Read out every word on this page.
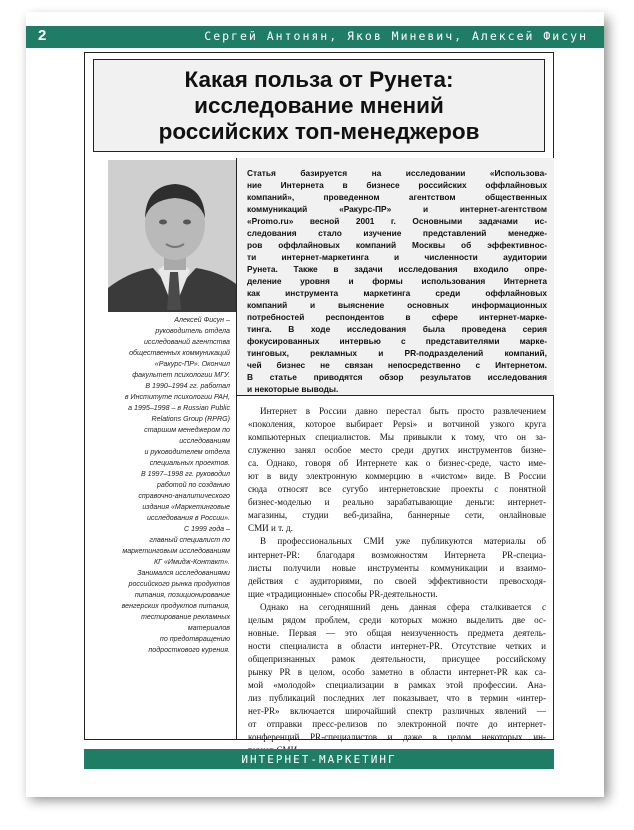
2	Сергей Антонян, Яков Миневич, Алексей Фисун
Какая польза от Рунета:
исследование мнений
российских топ-менеджеров
Алексей Фисун –
руководитель отдела
исследований агентства
общественных коммуникаций
«Ракурс-ПР». Окончил
факультет психологии МГУ.
В 1990–1994 гг. работал
в Институте психологии РАН,
а 1995–1998 – в Russian Public
Relations Group (RPRG)
старшим менеджером по
исследованиям
и руководителем отдела
специальных проектов.
В 1997–1998 гг. руководил
работой по созданию
справочно-аналитического
издания «Маркетинговые
исследования в России».
С 1999 года –
главный специалист по
маркетинговым исследованиям
КГ «Имидж-Контакт».
Занимался исследованиями
российского рынка продуктов
питания, позиционирование
венгерских продуктов питания,
тестирование рекламных
материалов
по предотвращению
подросткового курения.
Статья базируется на исследовании «Использова-
ние Интернета в бизнесе российских оффлайновых
компаний», проведенном агентством общественных
коммуникаций «Ракурс-ПР» и интернет-агентством
«Promo.ru» весной 2001 г. Основными задачами ис-
следования стало изучение представлений менедже-
ров оффлайновых компаний Москвы об эффективнос-
ти интернет-маркетинга и численности аудитории
Рунета. Также в задачи исследования входило опре-
деление уровня и формы использования Интернета
как инструмента маркетинга среди оффлайновых
компаний и выяснение основных информационных
потребностей респондентов в сфере интернет-марке-
тинга. В ходе исследования была проведена серия
фокусированных интервью с представителями марке-
тинговых, рекламных и PR-подразделений компаний,
чей бизнес не связан непосредственно с Интернетом.
В статье приводятся обзор результатов исследования
и некоторые выводы.
Интернет в России давно перестал быть просто развлечением
«поколения, которое выбирает Pepsi» и вотчиной узкого круга
компьютерных специалистов. Мы привыкли к тому, что он за-
служенно занял особое место среди других инструментов бизне-
са. Однако, говоря об Интернете как о бизнес-среде, часто име-
ют в виду электронную коммерцию в «чистом» виде. В России
сюда относят все сугубо интернетовские проекты с понятной
бизнес-моделью и реально зарабатывающие деньги: интернет-
магазины, студии веб-дизайна, баннерные сети, онлайновые
СМИ и т. д.
В профессиональных СМИ уже публикуются материалы об
интернет-PR: благодаря возможностям Интернета PR-специа-
листы получили новые инструменты коммуникации и взаимо-
действия с аудиториями, по своей эффективности превосходя-
щие «традиционные» способы PR-деятельности.
Однако на сегодняшний день данная сфера сталкивается с
целым рядом проблем, среди которых можно выделить две ос-
новные. Первая — это общая неизученность предмета деятель-
ности специалиста в области интернет-PR. Отсутствие четких и
общепризнанных рамок деятельности, присущее российскому
рынку PR в целом, особо заметно в области интернет-PR как са-
мой «молодой» специализации в рамках этой профессии. Ана-
лиз публикаций последних лет показывает, что в термин «интер-
нет-PR» включается широчайший спектр различных явлений —
от отправки пресс-релизов по электронной почте до интернет-
конференций PR-специалистов и даже в целом некоторых ин-
ИНТЕРНЕТ-МАРКЕТИНГ
